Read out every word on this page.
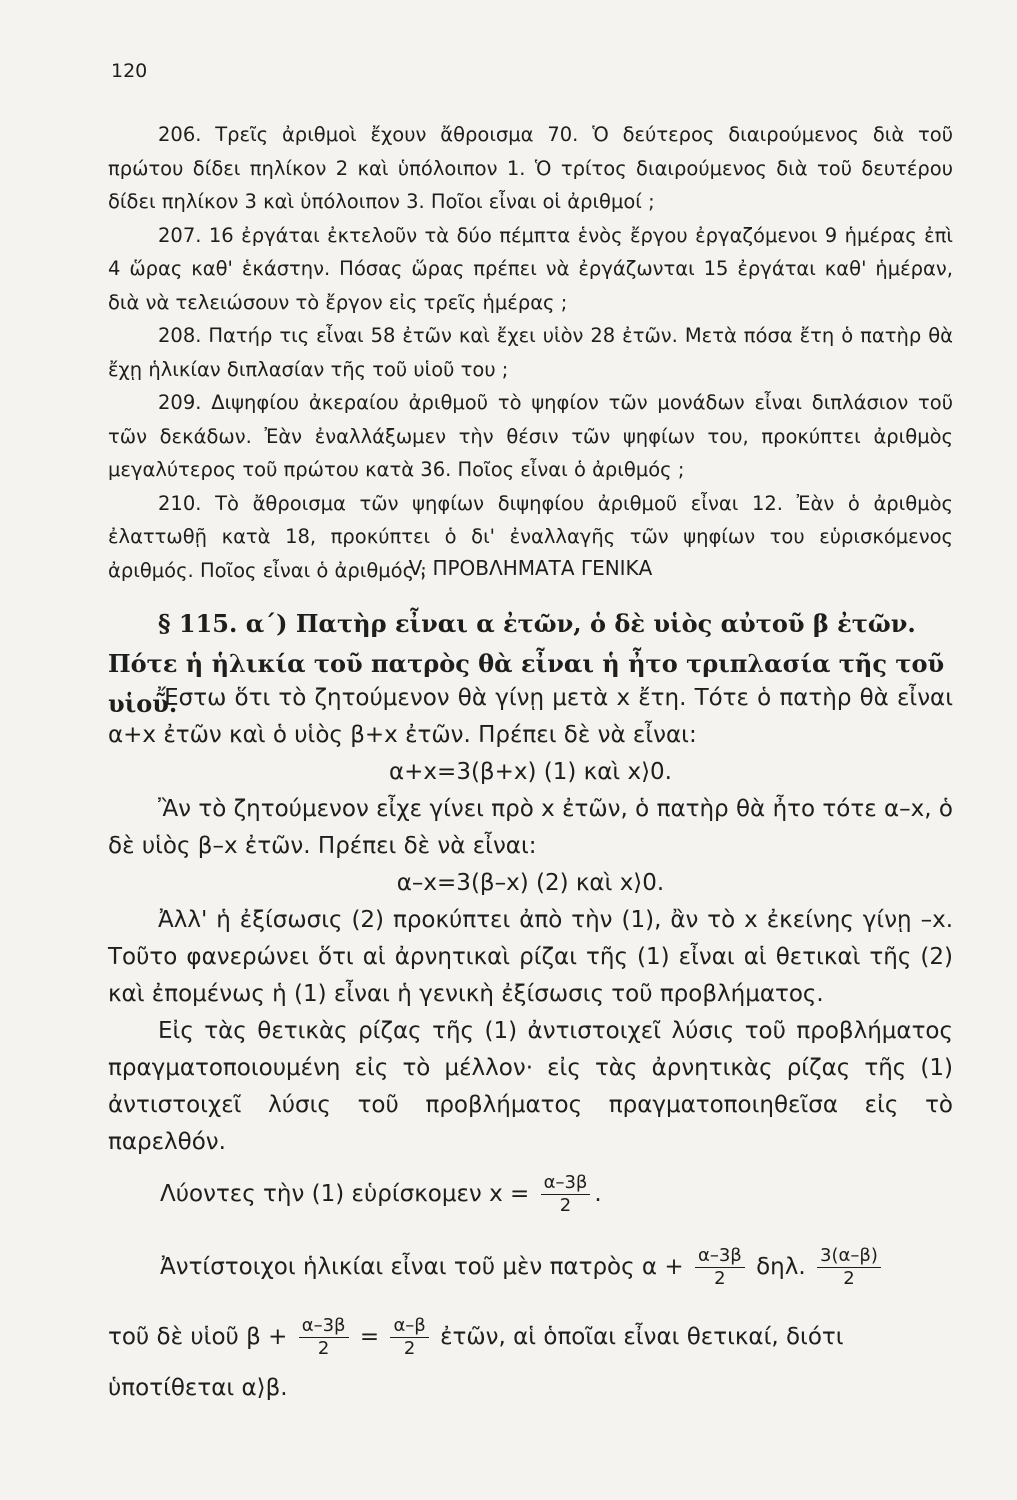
120

206. Τρεῖς ἀριθμοὶ ἔχουν ἄθροισμα 70. Ὁ δεύτερος διαιρούμενος διὰ τοῦ πρώτου δίδει πηλίκον 2 καὶ ὑπόλοιπον 1. Ὁ τρίτος διαιρούμενος διὰ τοῦ δευτέρου δίδει πηλίκον 3 καὶ ὑπόλοιπον 3. Ποῖοι εἶναι οἱ ἀριθμοί ;

207. 16 ἐργάται ἐκτελοῦν τὰ δύο πέμπτα ἑνὸς ἔργου ἐργαζόμενοι 9 ἡμέρας ἐπὶ 4 ὥρας καθ' ἑκάστην. Πόσας ὥρας πρέπει νὰ ἐργάζωνται 15 ἐργάται καθ' ἡμέραν, διὰ νὰ τελειώσουν τὸ ἔργον εἰς τρεῖς ἡμέρας ;

208. Πατήρ τις εἶναι 58 ἐτῶν καὶ ἔχει υἱὸν 28 ἐτῶν. Μετὰ πόσα ἔτη ὁ πατὴρ θὰ ἔχῃ ἡλικίαν διπλασίαν τῆς τοῦ υἱοῦ του ;

209. Διψηφίου ἀκεραίου ἀριθμοῦ τὸ ψηφίον τῶν μονάδων εἶναι διπλάσιον τοῦ τῶν δεκάδων. Ἐὰν ἐναλλάξωμεν τὴν θέσιν τῶν ψηφίων του, προκύπτει ἀριθμὸς μεγαλύτερος τοῦ πρώτου κατὰ 36. Ποῖος εἶναι ὁ ἀριθμός ;

210. Τὸ ἄθροισμα τῶν ψηφίων διψηφίου ἀριθμοῦ εἶναι 12. Ἐὰν ὁ ἀριθμὸς ἐλαττωθῇ κατὰ 18, προκύπτει ὁ δι' ἐναλλαγῆς τῶν ψηφίων του εὑρισκόμενος ἀριθμός. Ποῖος εἶναι ὁ ἀριθμός ;

V. ΠΡΟΒΛΗΜΑΤΑ ΓΕΝΙΚΑ
§ 115. α΄) Πατὴρ εἶναι α ἐτῶν, ὁ δὲ υἱὸς αὐτοῦ β ἐτῶν.
Πότε ἡ ἡλικία τοῦ πατρὸς θὰ εἶναι ἡ ἦτο τριπλασία τῆς τοῦ υἱοῦ.

Ἔστω ὅτι τὸ ζητούμενον θὰ γίνῃ μετὰ x ἔτη. Τότε ὁ πατὴρ θὰ εἶναι α+x ἐτῶν καὶ ὁ υἱὸς β+x ἐτῶν. Πρέπει δὲ νὰ εἶναι:

α+x=3(β+x) (1) καὶ x⟩0.

Ἂν τὸ ζητούμενον εἶχε γίνει πρὸ x ἐτῶν, ὁ πατὴρ θὰ ἦτο τότε α–x, ὁ δὲ υἱὸς β–x ἐτῶν. Πρέπει δὲ νὰ εἶναι:

α–x=3(β–x) (2) καὶ x⟩0.

Ἀλλ' ἡ ἐξίσωσις (2) προκύπτει ἀπὸ τὴν (1), ἂν τὸ x ἐκείνης γίνῃ –x. Τοῦτο φανερώνει ὅτι αἱ ἀρνητικαὶ ρίζαι τῆς (1) εἶναι αἱ θετικαὶ τῆς (2) καὶ ἐπομένως ἡ (1) εἶναι ἡ γενικὴ ἐξίσωσις τοῦ προβλήματος.

Εἰς τὰς θετικὰς ρίζας τῆς (1) ἀντιστοιχεῖ λύσις τοῦ προβλήματος πραγματοποιουμένη εἰς τὸ μέλλον· εἰς τὰς ἀρνητικὰς ρίζας τῆς (1) ἀντιστοιχεῖ λύσις τοῦ προβλήματος πραγματοποιηθεῖσα εἰς τὸ παρελθόν.

Λύοντες τὴν (1) εὑρίσκομεν $x = \frac{\alpha-3\beta}{2}$ .
Ἀντίστοιχοι ἡλικίαι εἶναι τοῦ μὲν πατρὸς $\alpha + \frac{\alpha-3\beta}{2} \delta\eta\lambda$. $\frac{3(\alpha-\beta)}{2}$
τοῦ δὲ υἱοῦ $\beta + \frac{\alpha-3\beta}{2} = \frac{\alpha-\beta}{2}$ ἐτῶν, αἱ ὁποῖαι εἶναι θετικαί, διότι
ὑποτίθεται α⟩β.
